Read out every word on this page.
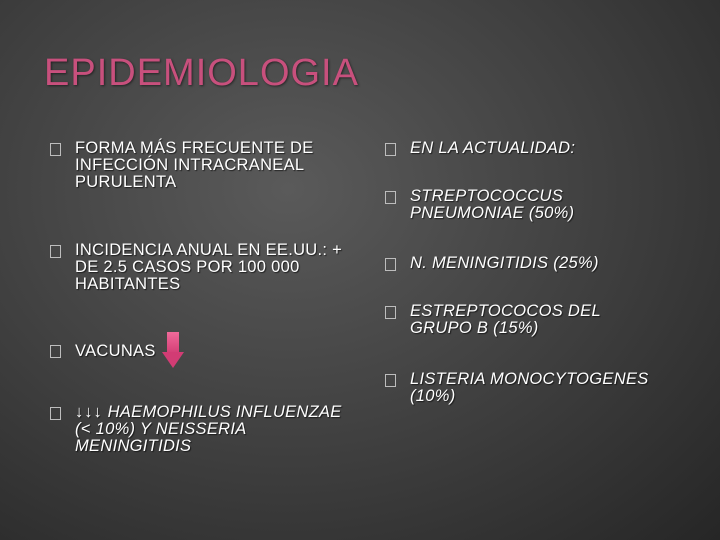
EPIDEMIOLOGIA
FORMA MÁS FRECUENTE DE INFECCIÓN INTRACRANEAL PURULENTA
INCIDENCIA ANUAL EN EE.UU.: + DE 2.5 CASOS POR 100 000 HABITANTES
VACUNAS
↓↓↓ HAEMOPHILUS INFLUENZAE (< 10%) Y NEISSERIA MENINGITIDIS
EN LA ACTUALIDAD:
STREPTOCOCCUS PNEUMONIAE (50%)
N. MENINGITIDIS (25%)
ESTREPTOCOCOS DEL GRUPO B (15%)
LISTERIA MONOCYTOGENES (10%)
